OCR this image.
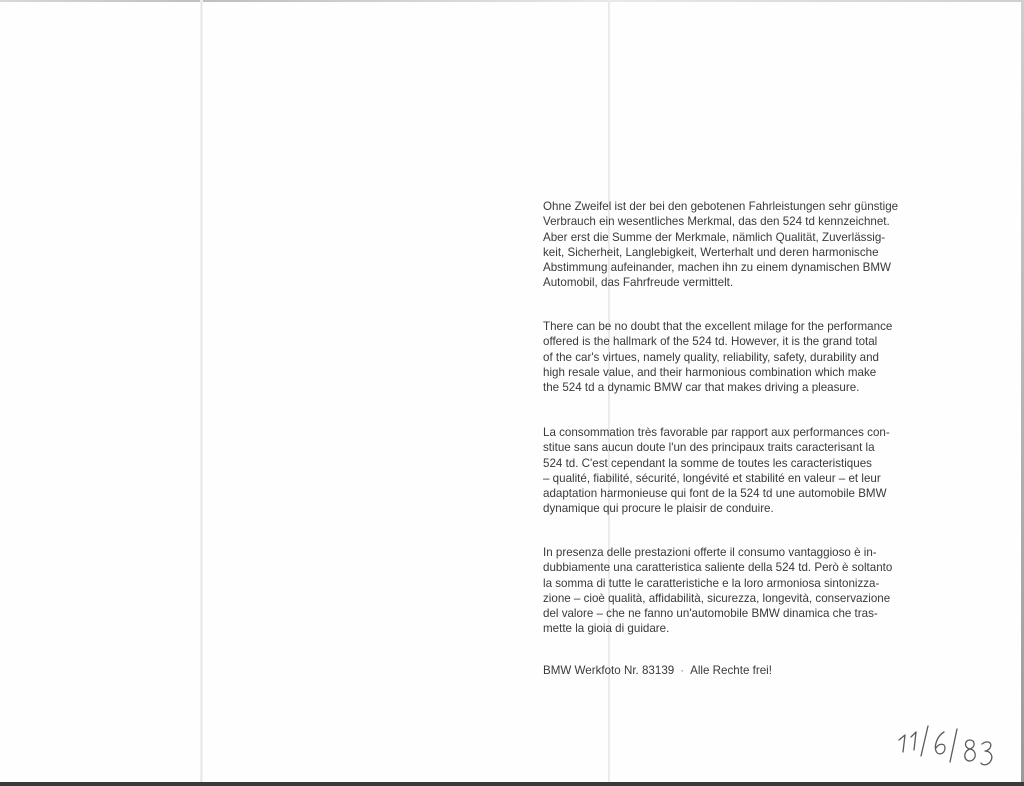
Ohne Zweifel ist der bei den gebotenen Fahrleistungen sehr günstige
Verbrauch ein wesentliches Merkmal, das den 524 td kennzeichnet.
Aber erst die Summe der Merkmale, nämlich Qualität, Zuverlässig-
keit, Sicherheit, Langlebigkeit, Werterhalt und deren harmonische
Abstimmung aufeinander, machen ihn zu einem dynamischen BMW
Automobil, das Fahrfreude vermittelt.

There can be no doubt that the excellent milage for the performance
offered is the hallmark of the 524 td. However, it is the grand total
of the car's virtues, namely quality, reliability, safety, durability and
high resale value, and their harmonious combination which make
the 524 td a dynamic BMW car that makes driving a pleasure.

La consommation très favorable par rapport aux performances con-
stitue sans aucun doute l'un des principaux traits caracterisant la
524 td. C'est cependant la somme de toutes les caracteristiques
– qualité, fiabilité, sécurité, longévité et stabilité en valeur – et leur
adaptation harmonieuse qui font de la 524 td une automobile BMW
dynamique qui procure le plaisir de conduire.

In presenza delle prestazioni offerte il consumo vantaggioso è in-
dubbiamente una caratteristica saliente della 524 td. Però è soltanto
la somma di tutte le caratteristiche e la loro armoniosa sintonizza-
zione – cioè qualità, affidabilità, sicurezza, longevità, conservazione
del valore – che ne fanno un'automobile BMW dinamica che tras-
mette la gioia di guidare.

BMW Werkfoto Nr. 83139 · Alle Rechte frei!
